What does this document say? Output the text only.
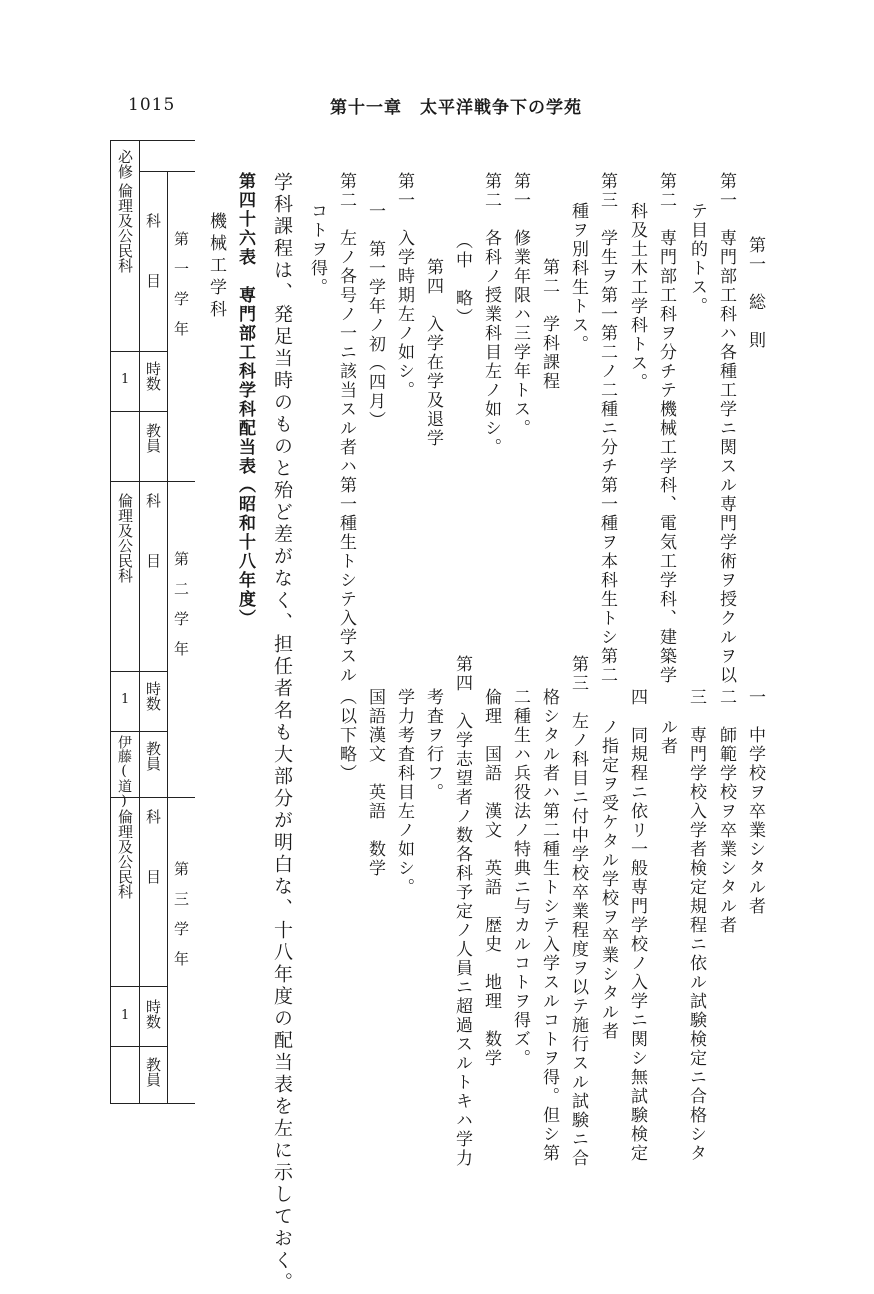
1015	第十一章　太平洋戦争下の学苑
第一　総　則
第一　専門部工科ハ各種工学ニ関スル専門学術ヲ授クルヲ以
テ目的トス。
第二　専門部工科ヲ分チテ機械工学科、電気工学科、建築学
科及土木工学科トス。
第三　学生ヲ第一第二ノ二種ニ分チ第一種ヲ本科生トシ第二
種ヲ別科生トス。
第二　学科課程
第一　修業年限ハ三学年トス。
第二　各科ノ授業科目左ノ如シ。
（中　略）
第四　入学在学及退学
第一　入学時期左ノ如シ。
一　第一学年ノ初（四月）
第二　左ノ各号ノ一ニ該当スル者ハ第一種生トシテ入学スル
コトヲ得。
一　中学校ヲ卒業シタル者
二　師範学校ヲ卒業シタル者
三　専門学校入学者検定規程ニ依ル試験検定ニ合格シタ
ル者
四　同規程ニ依リ一般専門学校ノ入学ニ関シ無試験検定
ノ指定ヲ受ケタル学校ヲ卒業シタル者
第三　左ノ科目ニ付中学校卒業程度ヲ以テ施行スル試験ニ合
格シタル者ハ第二種生トシテ入学スルコトヲ得。但シ第
二種生ハ兵役法ノ特典ニ与カルコトヲ得ズ。
倫理　国語　漢文　英語　歴史　地理　数学
第四　入学志望者ノ数各科予定ノ人員ニ超過スルトキハ学力
考査ヲ行フ。
学力考査科目左ノ如シ。
国語漢文　英語　数学
（以下略）
学科課程は、発足当時のものと殆ど差がなく、担任者名も大部分が明白な、十八年度の配当表を左に示しておく。
第四十六表　専門部工科学科配当表（昭和十八年度）
機械工学科
必修
第　一　学　年
第　二　学　年
第　三　学　年
科　　　目
時数
教員
倫理及公民科
1
科　　　目
時数
教員
倫理及公民科
1
伊藤(道)
科　　　目
時数
教員
倫理及公民科
1
